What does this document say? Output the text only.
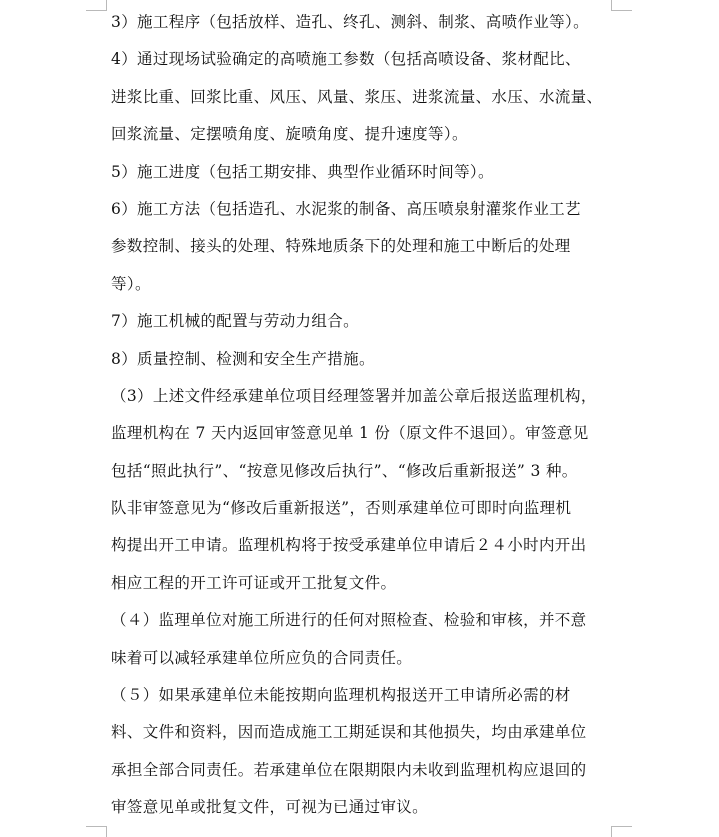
3）施工程序（包括放样、造孔、终孔、测斜、制浆、高喷作业等）。
4）通过现场试验确定的高喷施工参数（包括高喷设备、浆材配比、
进浆比重、回浆比重、风压、风量、浆压、进浆流量、水压、水流量、
回浆流量、定摆喷角度、旋喷角度、提升速度等）。
5）施工进度（包括工期安排、典型作业循环时间等）。
6）施工方法（包括造孔、水泥浆的制备、高压喷泉射灌浆作业工艺
参数控制、接头的处理、特殊地质条下的处理和施工中断后的处理
等）。
7）施工机械的配置与劳动力组合。
8）质量控制、检测和安全生产措施。
（3）上述文件经承建单位项目经理签署并加盖公章后报送监理机构，
监理机构在 7 天内返回审签意见单 1 份（原文件不退回）。审签意见
包括“照此执行”、“按意见修改后执行”、“修改后重新报送” 3 种。
队非审签意见为“修改后重新报送”，否则承建单位可即时向监理机
构提出开工申请。监理机构将于按受承建单位申请后２４小时内开出
相应工程的开工许可证或开工批复文件。
（４）监理单位对施工所进行的任何对照检查、检验和审核，并不意
味着可以减轻承建单位所应负的合同责任。
（５）如果承建单位未能按期向监理机构报送开工申请所必需的材
料、文件和资料，因而造成施工工期延误和其他损失，均由承建单位
承担全部合同责任。若承建单位在限期限内未收到监理机构应退回的
审签意见单或批复文件，可视为已通过审议。
